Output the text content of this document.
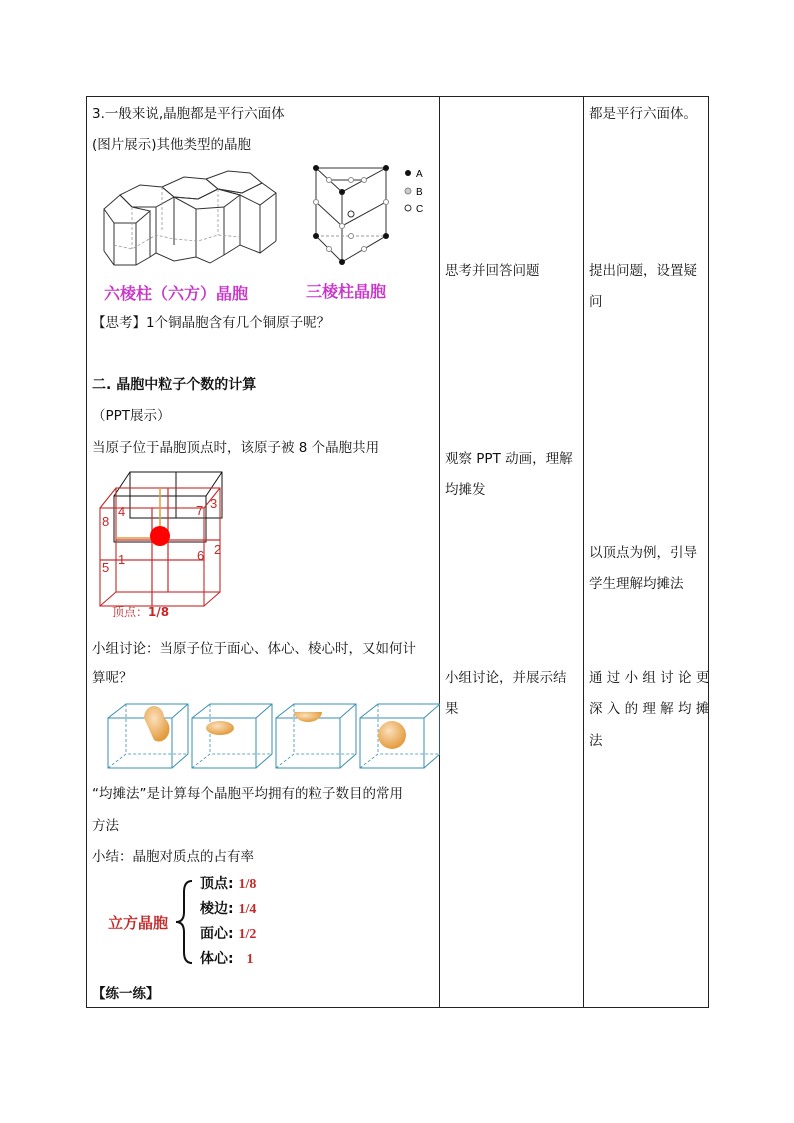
3.一般来说,晶胞都是平行六面体
(图片展示)其他类型的晶胞
六棱柱（六方）晶胞
A
B
C
三棱柱晶胞
【思考】1个铜晶胞含有几个铜原子呢？
二. 晶胞中粒子个数的计算
（PPT展示）
当原子位于晶胞顶点时，该原子被 8 个晶胞共用
8
4	7 3
5
1	6 2
顶点：1/8
小组讨论：当原子位于面心、体心、棱心时，又如何计
算呢？
“均摊法”是计算每个晶胞平均拥有的粒子数目的常用
方法
小结：晶胞对质点的占有率
立方晶胞
顶点: 1/8
棱边: 1/4
面心: 1/2
体心: 1
【练一练】
思考并回答问题
观察 PPT 动画，理解
均摊发
小组讨论，并展示结
果
都是平行六面体。
提出问题，设置疑
问
以顶点为例，引导
学生理解均摊法
通 过 小 组 讨 论 更
深 入 的 理 解 均 摊
法
